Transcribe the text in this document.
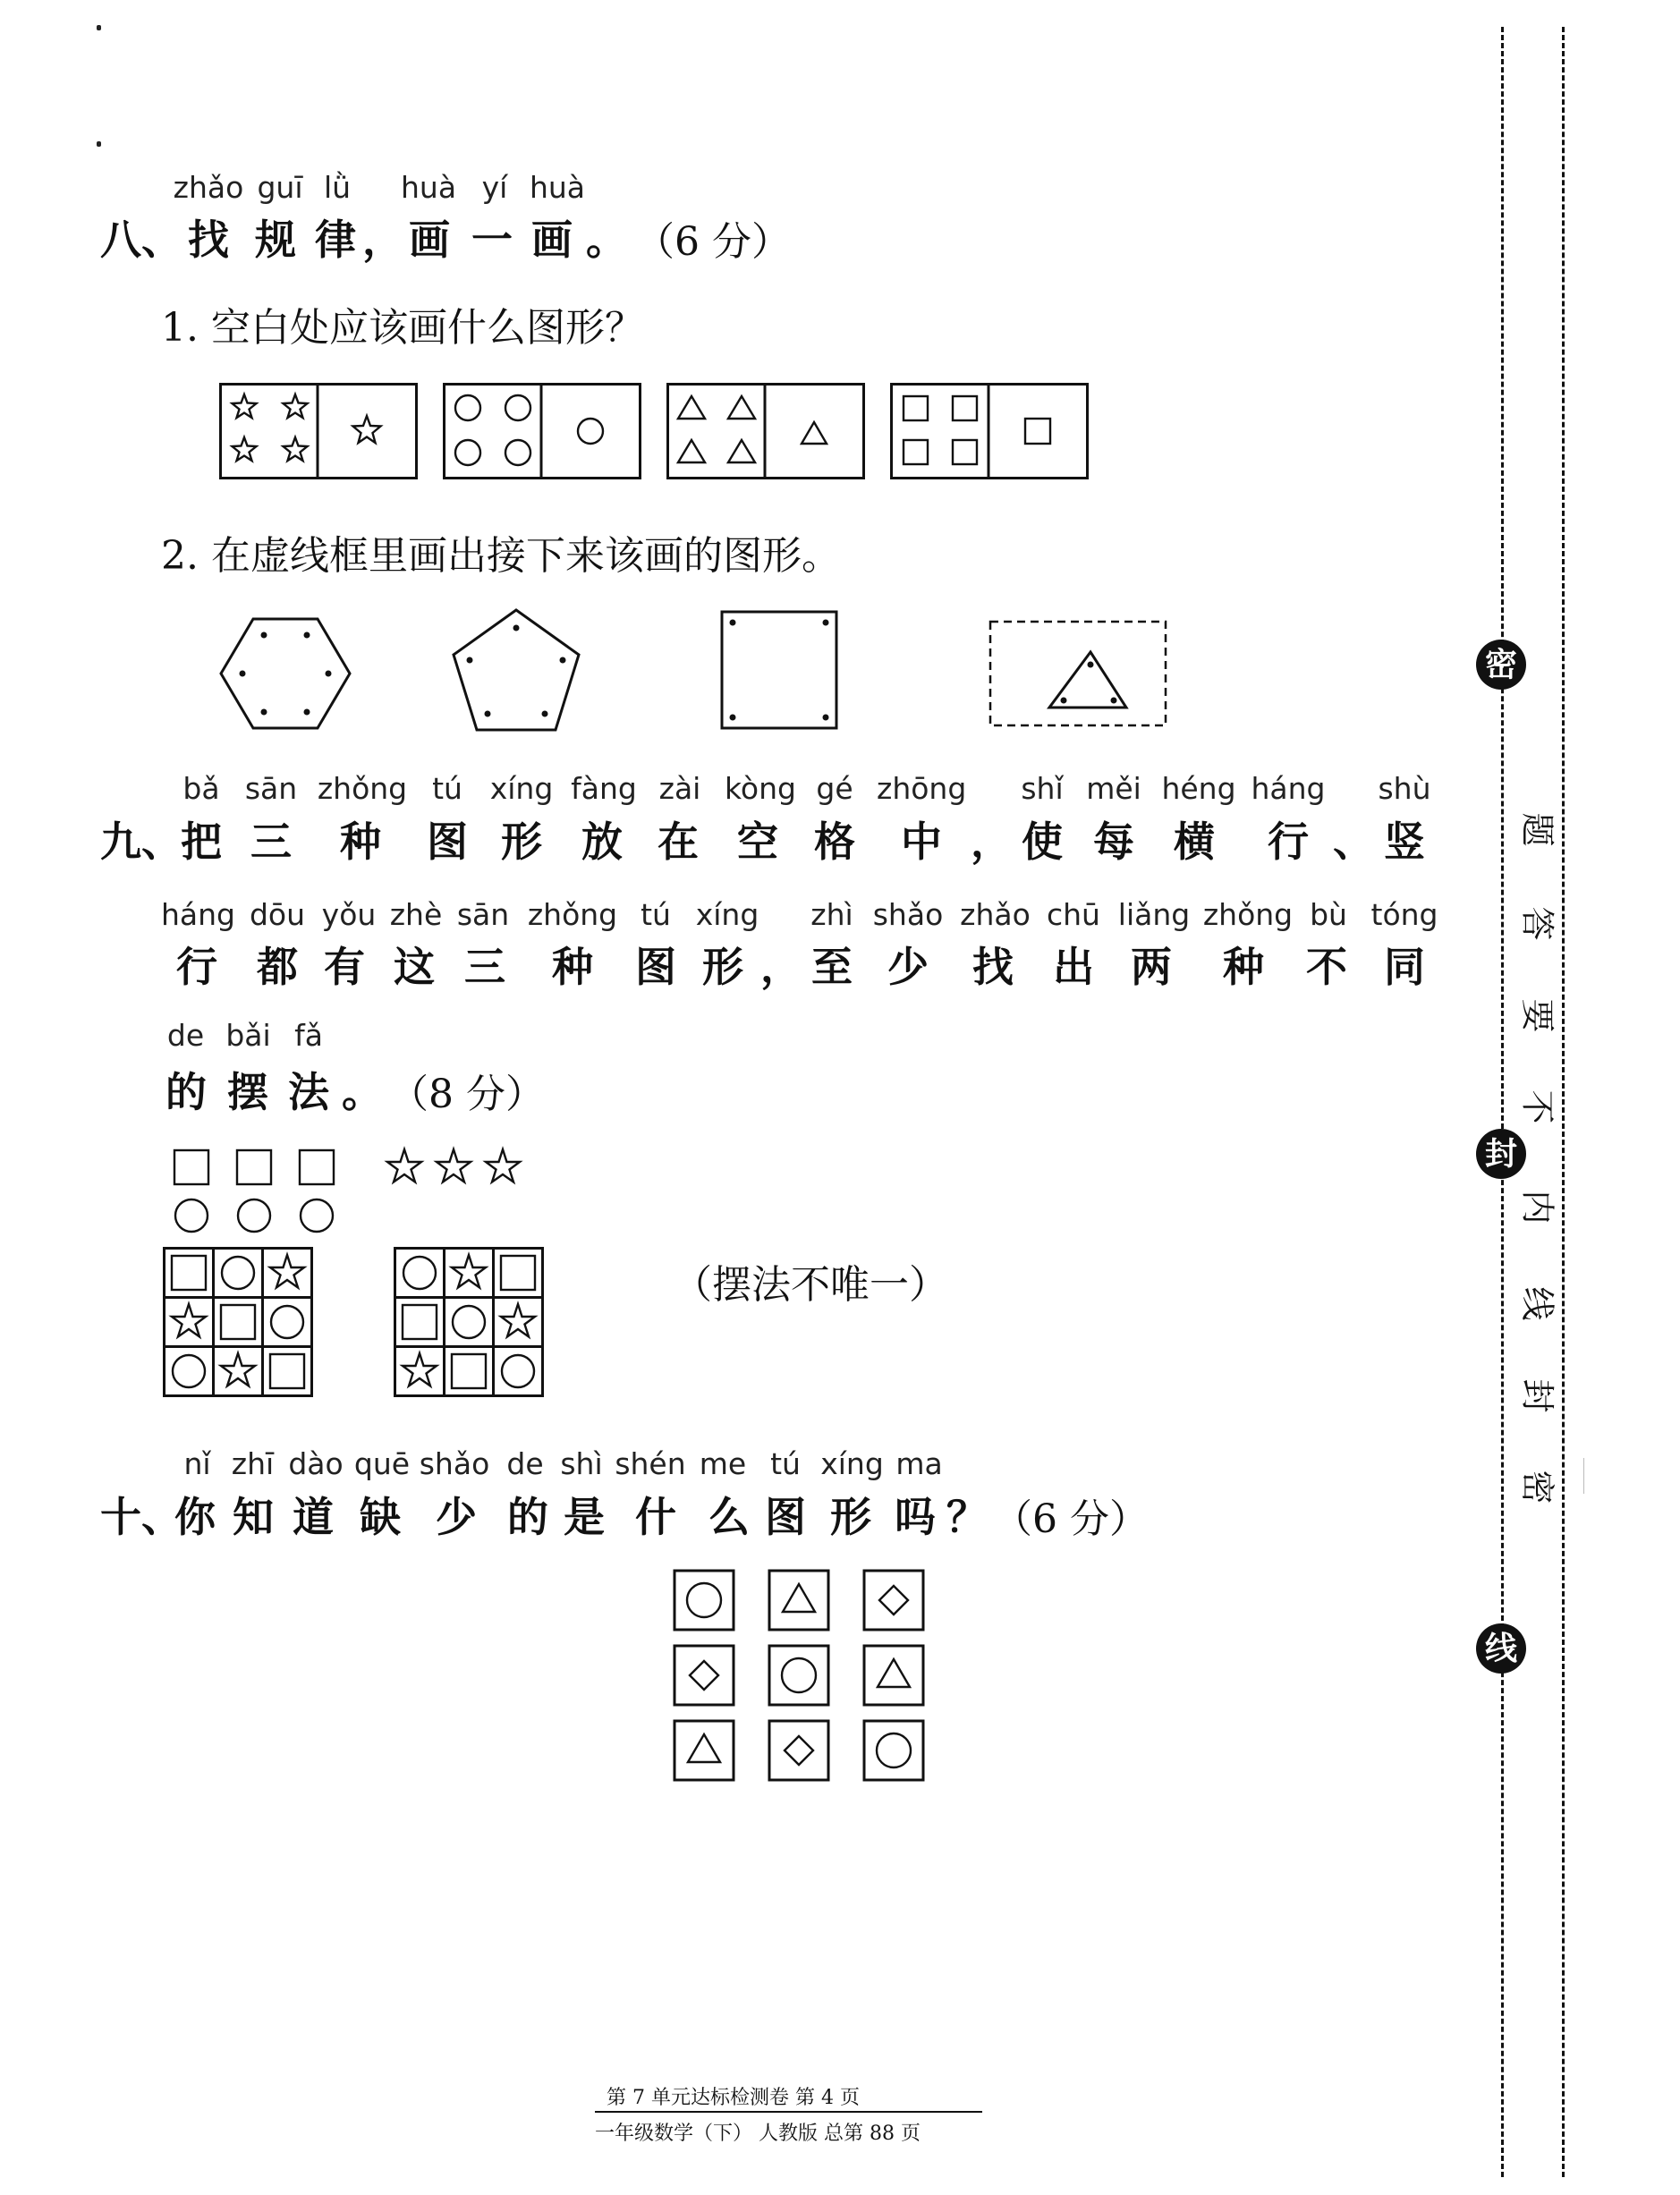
zhǎo guī lǜ	huà yí huà
八、 找 规 律 ， 画 一 画 。 （6 分）
1. 空白处应该画什么图形？
2. 在虚线框里画出接下来该画的图形。
bǎ sān zhǒng tú xíng fàng zài kòng gé zhōng shǐ měi héng háng shù
九、
把 三 种 图 形 放 在 空 格 中 ， 使 每 横 行 、 竖
háng dōu yǒu zhè sān zhǒng tú xíng zhì shǎo zhǎo chū liǎng zhǒng bù tóng
行 都 有 这 三 种 图 形 ， 至 少 找 出 两 种 不 同
de bǎi fǎ
的 摆 法 。 （8 分）
（摆法不唯一）
nǐ zhī dào quē shǎo de shì shén me tú xíng ma
十、
你 知 道 缺 少 的 是 什 么 图 形 吗 ？ （6 分）
密
封
线
题
答
要
不
内
线
封
密
第 7 单元达标检测卷 第 4 页
一年级数学（下） 人教版 总第 88 页
